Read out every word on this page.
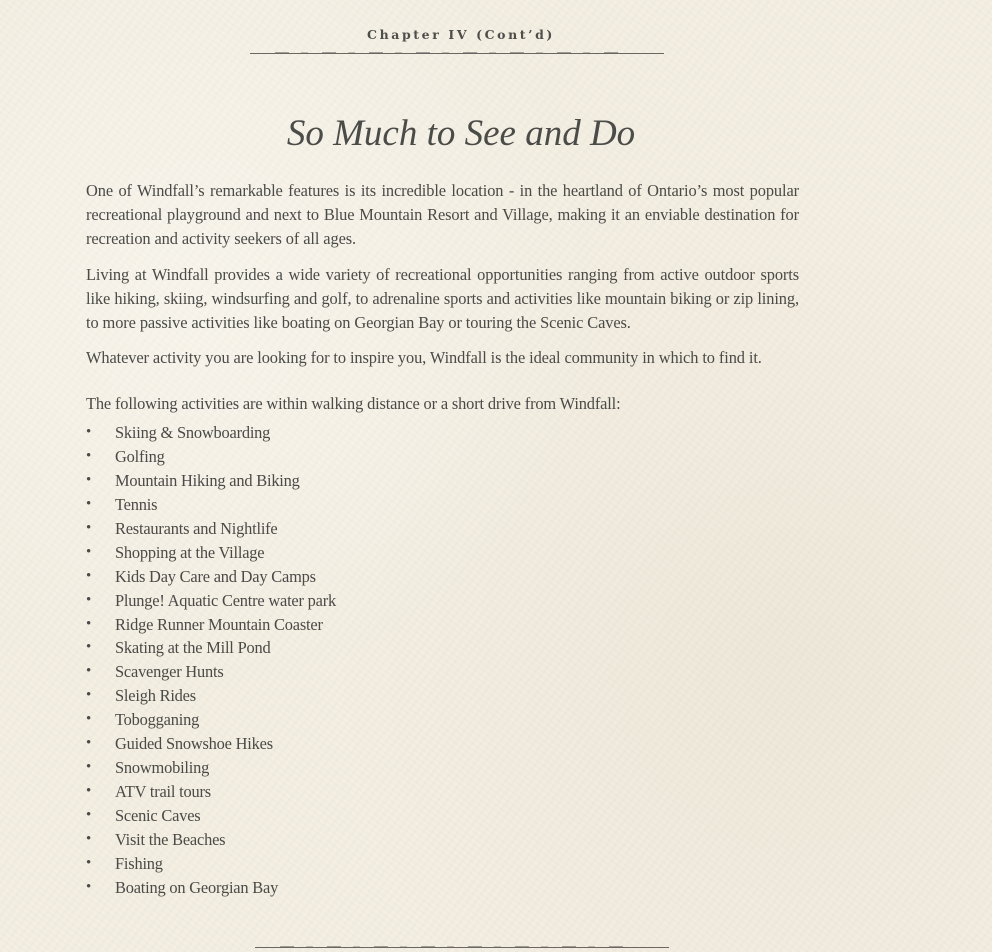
Chapter IV (Cont’d)
So Much to See and Do

One of Windfall’s remarkable features is its incredible location - in the heartland of Ontario’s most popular recreational playground and next to Blue Mountain Resort and Village, making it an enviable destination for recreation and activity seekers of all ages.

Living at Windfall provides a wide variety of recreational opportunities ranging from active outdoor sports like hiking, skiing, windsurfing and golf, to adrenaline sports and activities like mountain biking or zip lining, to more passive activities like boating on Georgian Bay or touring the Scenic Caves.

Whatever activity you are looking for to inspire you, Windfall is the ideal community in which to find it.

The following activities are within walking distance or a short drive from Windfall:

• Skiing & Snowboarding
• Golfing
• Mountain Hiking and Biking
• Tennis
• Restaurants and Nightlife
• Shopping at the Village
• Kids Day Care and Day Camps
• Plunge! Aquatic Centre water park
• Ridge Runner Mountain Coaster
• Skating at the Mill Pond
• Scavenger Hunts
• Sleigh Rides
• Tobogganing
• Guided Snowshoe Hikes
• Snowmobiling
• ATV trail tours
• Scenic Caves
• Visit the Beaches
• Fishing
• Boating on Georgian Bay
